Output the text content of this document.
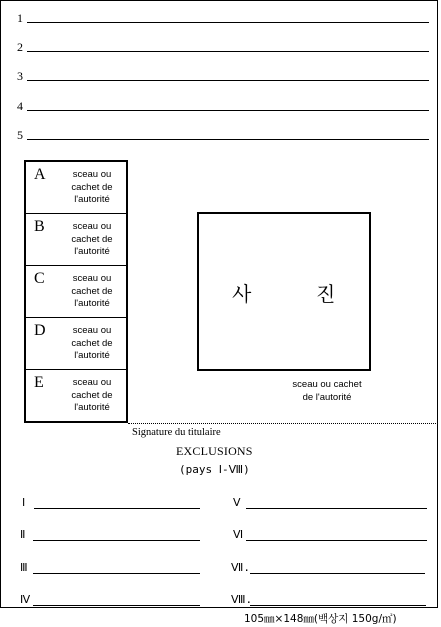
1
2
3
4
5
A	sceau ou cachet de l'autorité
B	sceau ou cachet de l'autorité
C	sceau ou cachet de l'autorité
D	sceau ou cachet de l'autorité
E	sceau ou cachet de l'autorité
사	진
sceau ou cachet de l'autorité
Signature du titulaire
EXCLUSIONS
(pays Ⅰ-Ⅷ)
Ⅰ
Ⅱ
Ⅲ
Ⅳ
Ⅴ
Ⅵ
Ⅶ.
Ⅷ.
105㎜×148㎜(백상지 150g/㎡)
